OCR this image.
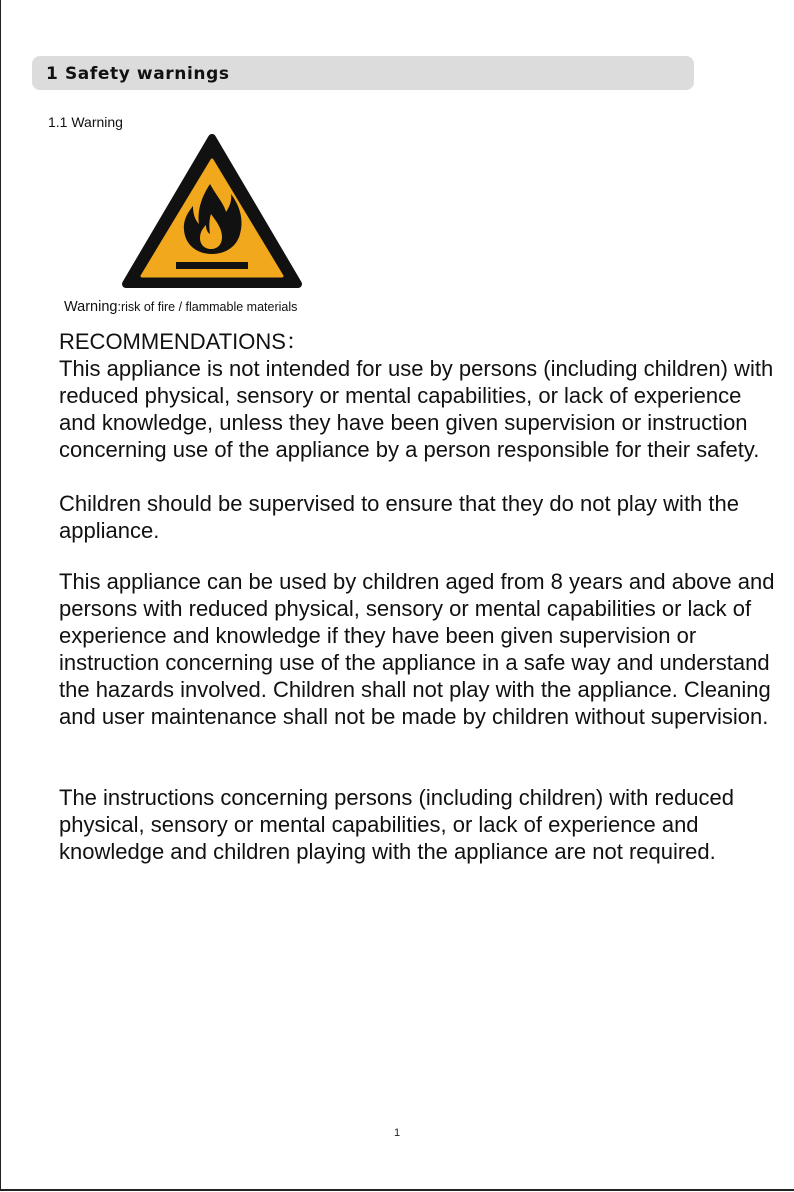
1 Safety warnings
1.1 Warning
Warning:risk of fire / flammable materials
RECOMMENDATIONS：
This appliance is not intended for use by persons (including children) with reduced physical, sensory or mental capabilities, or lack of experience and knowledge, unless they have been given supervision or instruction concerning use of the appliance by a person responsible for their safety.
Children should be supervised to ensure that they do not play with the appliance.
This appliance can be used by children aged from 8 years and above and persons with reduced physical, sensory or mental capabilities or lack of experience and knowledge if they have been given supervision or instruction concerning use of the appliance in a safe way and understand the hazards involved. Children shall not play with the appliance. Cleaning and user maintenance shall not be made by children without supervision.
The instructions concerning persons (including children) with reduced physical, sensory or mental capabilities, or lack of experience and knowledge and children playing with the appliance are not required.
1
